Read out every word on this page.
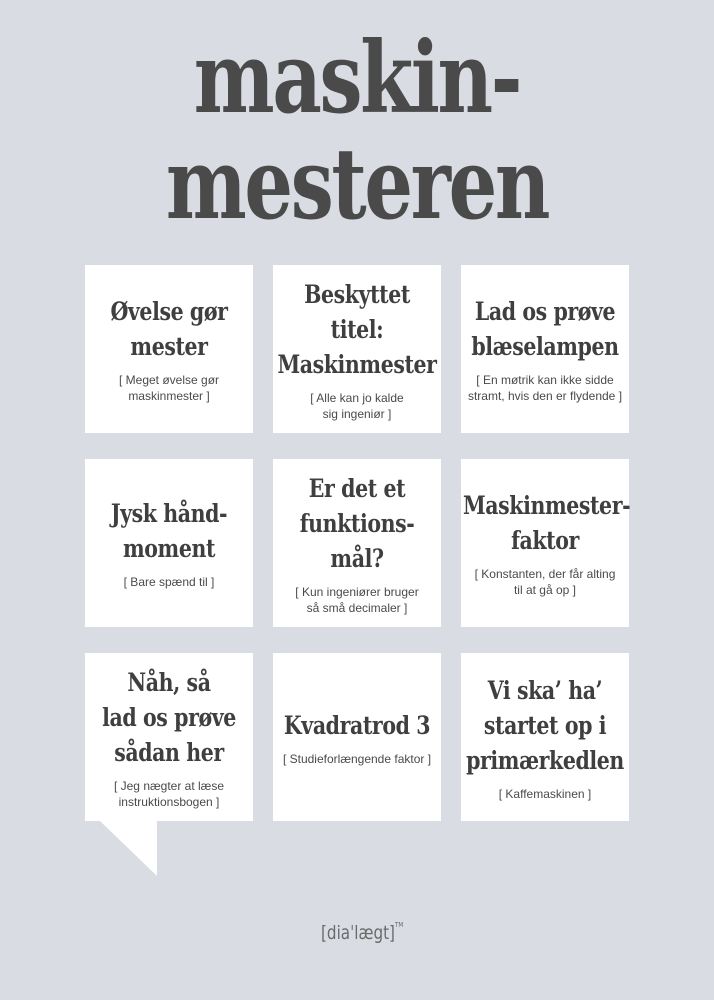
maskin-
mesteren
Øvelse gør
mester
[ Meget øvelse gør
maskinmester ]
Beskyttet titel:
Maskinmester
[ Alle kan jo kalde
sig ingeniør ]
Lad os prøve
blæselampen
[ En møtrik kan ikke sidde
stramt, hvis den er flydende ]
Jysk hånd-
moment
[ Bare spænd til ]
Er det et
funktions-
mål?
[ Kun ingeniører bruger
så små decimaler ]
Maskinmester-
faktor
[ Konstanten, der får alting
til at gå op ]
Nåh, så
lad os prøve
sådan her
[ Jeg nægter at læse
instruktionsbogen ]
Kvadratrod 3
[ Studieforlængende faktor ]
Vi ska’ ha’
startet op i
primærkedlen
[ Kaffemaskinen ]
[diaˈlægt]™
